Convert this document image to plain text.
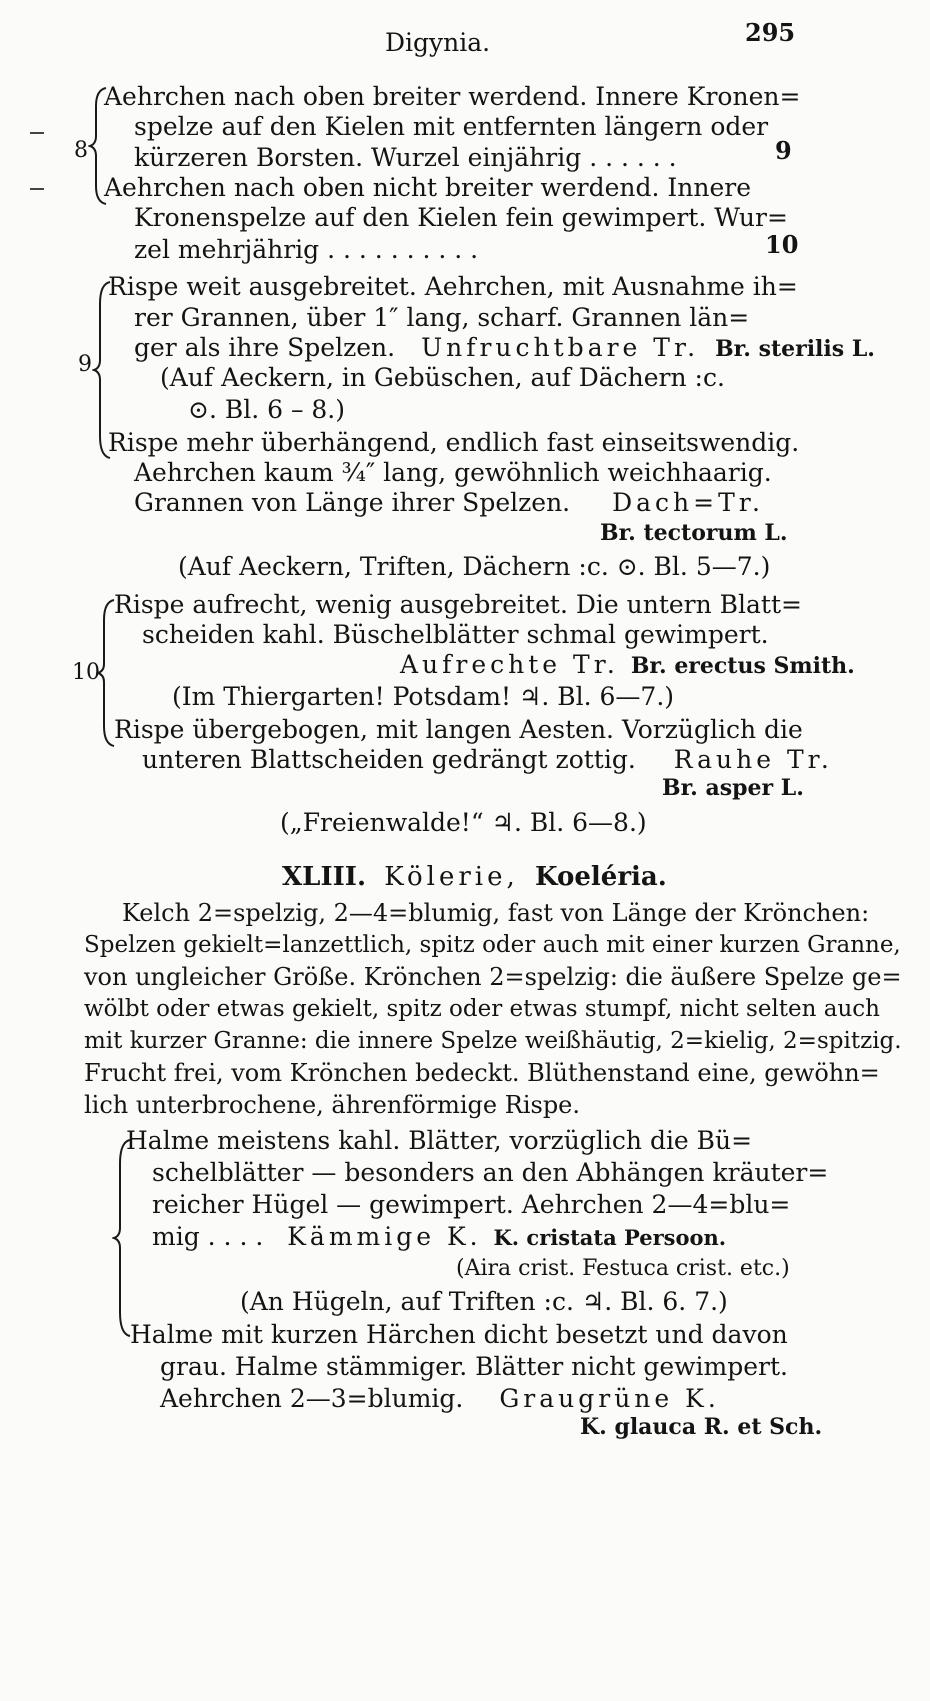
Digynia.	295
8
Aehrchen nach oben breiter werdend. Innere Kronen=
spelze auf den Kielen mit entfernten längern oder
kürzeren Borsten. Wurzel einjährig . . . . . .	9
Aehrchen nach oben nicht breiter werdend. Innere
Kronenspelze auf den Kielen fein gewimpert. Wur=
zel mehrjährig . . . . . . . . . .	10
9
Rispe weit ausgebreitet. Aehrchen, mit Ausnahme ih=
rer Grannen, über 1″ lang, scharf. Grannen län=
ger als ihre Spelzen. Unfruchtbare Tr. Br. sterilis L.
(Auf Aeckern, in Gebüschen, auf Dächern :c.
⊙. Bl. 6 – 8.)
Rispe mehr überhängend, endlich fast einseitswendig.
Aehrchen kaum ¾″ lang, gewöhnlich weichhaarig.
Grannen von Länge ihrer Spelzen. Dach=Tr.
Br. tectorum L.
(Auf Aeckern, Triften, Dächern :c. ⊙. Bl. 5—7.)
10
Rispe aufrecht, wenig ausgebreitet. Die untern Blatt=
scheiden kahl. Büschelblätter schmal gewimpert.
Aufrechte Tr. Br. erectus Smith.
(Im Thiergarten! Potsdam! ♃. Bl. 6—7.)
Rispe übergebogen, mit langen Aesten. Vorzüglich die
unteren Blattscheiden gedrängt zottig. Rauhe Tr.
Br. asper L.
(„Freienwalde!“ ♃. Bl. 6—8.)
XLIII. Kölerie, Koeléria.
Kelch 2=spelzig, 2—4=blumig, fast von Länge der Krönchen:
Spelzen gekielt=lanzettlich, spitz oder auch mit einer kurzen Granne,
von ungleicher Größe. Krönchen 2=spelzig: die äußere Spelze ge=
wölbt oder etwas gekielt, spitz oder etwas stumpf, nicht selten auch
mit kurzer Granne: die innere Spelze weißhäutig, 2=kielig, 2=spitzig.
Frucht frei, vom Krönchen bedeckt. Blüthenstand eine, gewöhn=
lich unterbrochene, ährenförmige Rispe.
Halme meistens kahl. Blätter, vorzüglich die Bü=
schelblätter — besonders an den Abhängen kräuter=
reicher Hügel — gewimpert. Aehrchen 2—4=blu=
mig . . . . Kämmige K. K. cristata Persoon.
(Aira crist. Festuca crist. etc.)
(An Hügeln, auf Triften :c. ♃. Bl. 6. 7.)
Halme mit kurzen Härchen dicht besetzt und davon
grau. Halme stämmiger. Blätter nicht gewimpert.
Aehrchen 2—3=blumig. Graugrüne K.
K. glauca R. et Sch.
